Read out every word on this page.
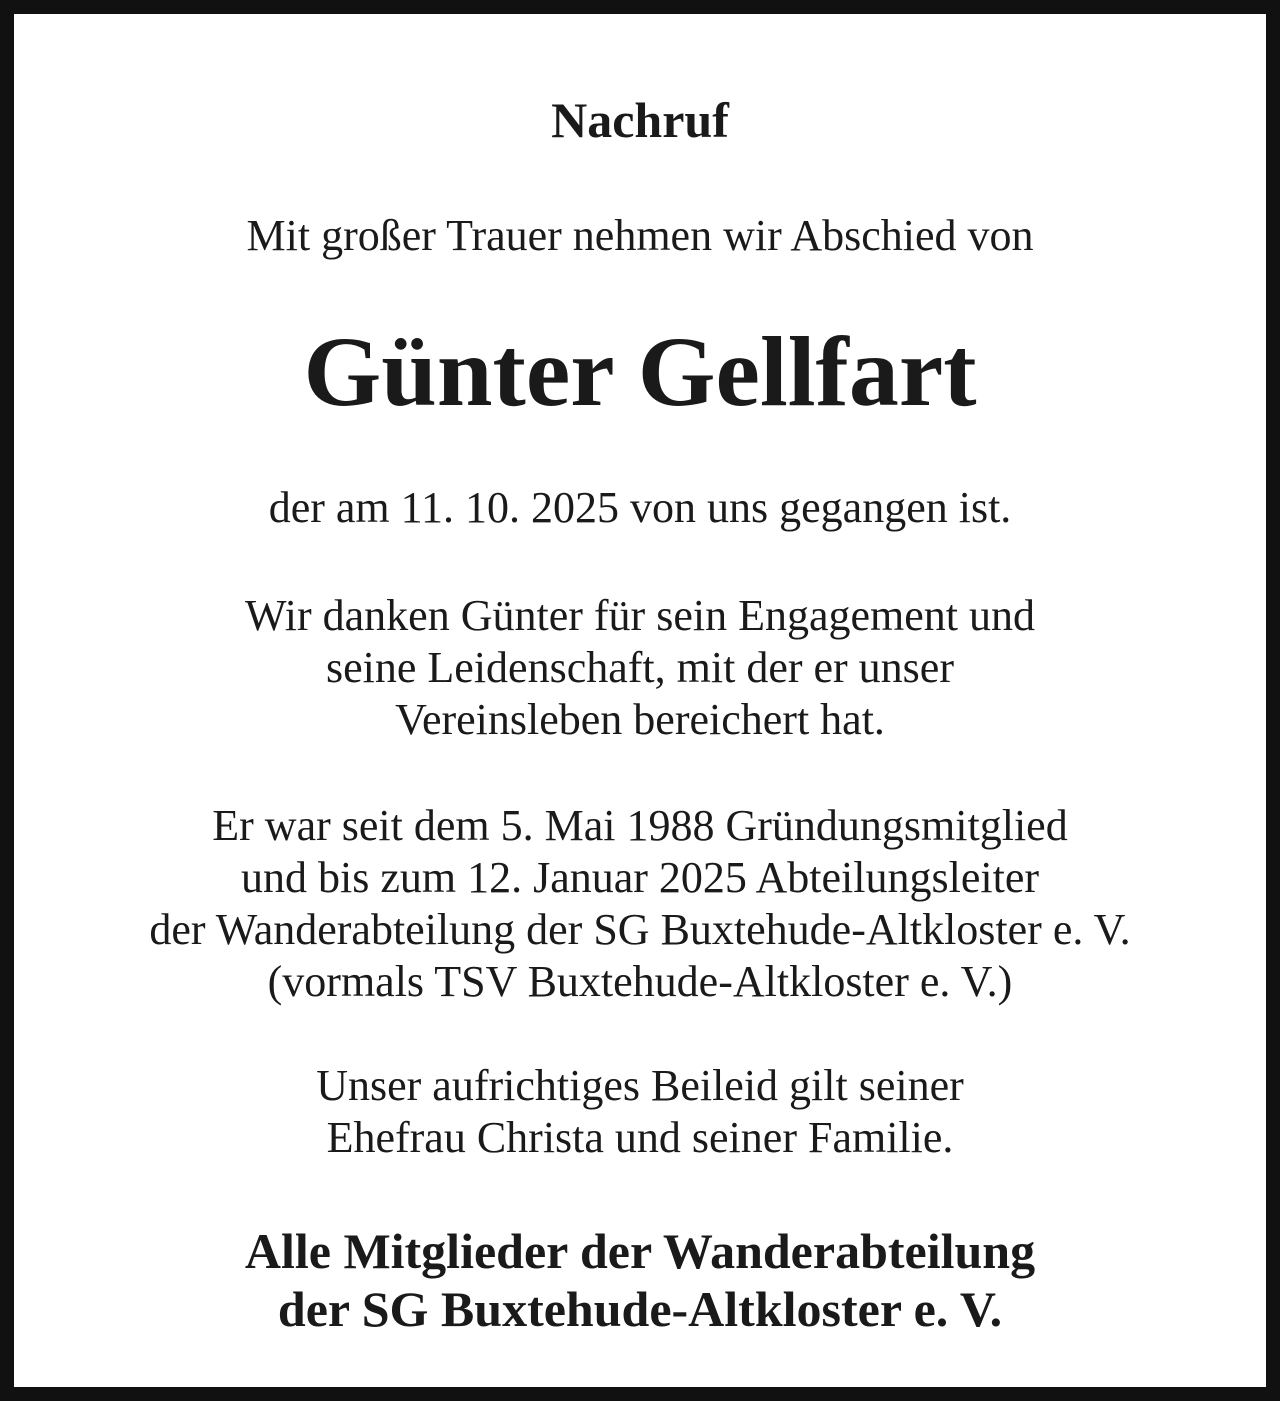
Nachruf
Mit großer Trauer nehmen wir Abschied von
Günter Gellfart
der am 11. 10. 2025 von uns gegangen ist.
Wir danken Günter für sein Engagement und
seine Leidenschaft, mit der er unser
Vereinsleben bereichert hat.
Er war seit dem 5. Mai 1988 Gründungsmitglied
und bis zum 12. Januar 2025 Abteilungsleiter
der Wanderabteilung der SG Buxtehude-Altkloster e. V.
(vormals TSV Buxtehude-Altkloster e. V.)
Unser aufrichtiges Beileid gilt seiner
Ehefrau Christa und seiner Familie.
Alle Mitglieder der Wanderabteilung
der SG Buxtehude-Altkloster e. V.
